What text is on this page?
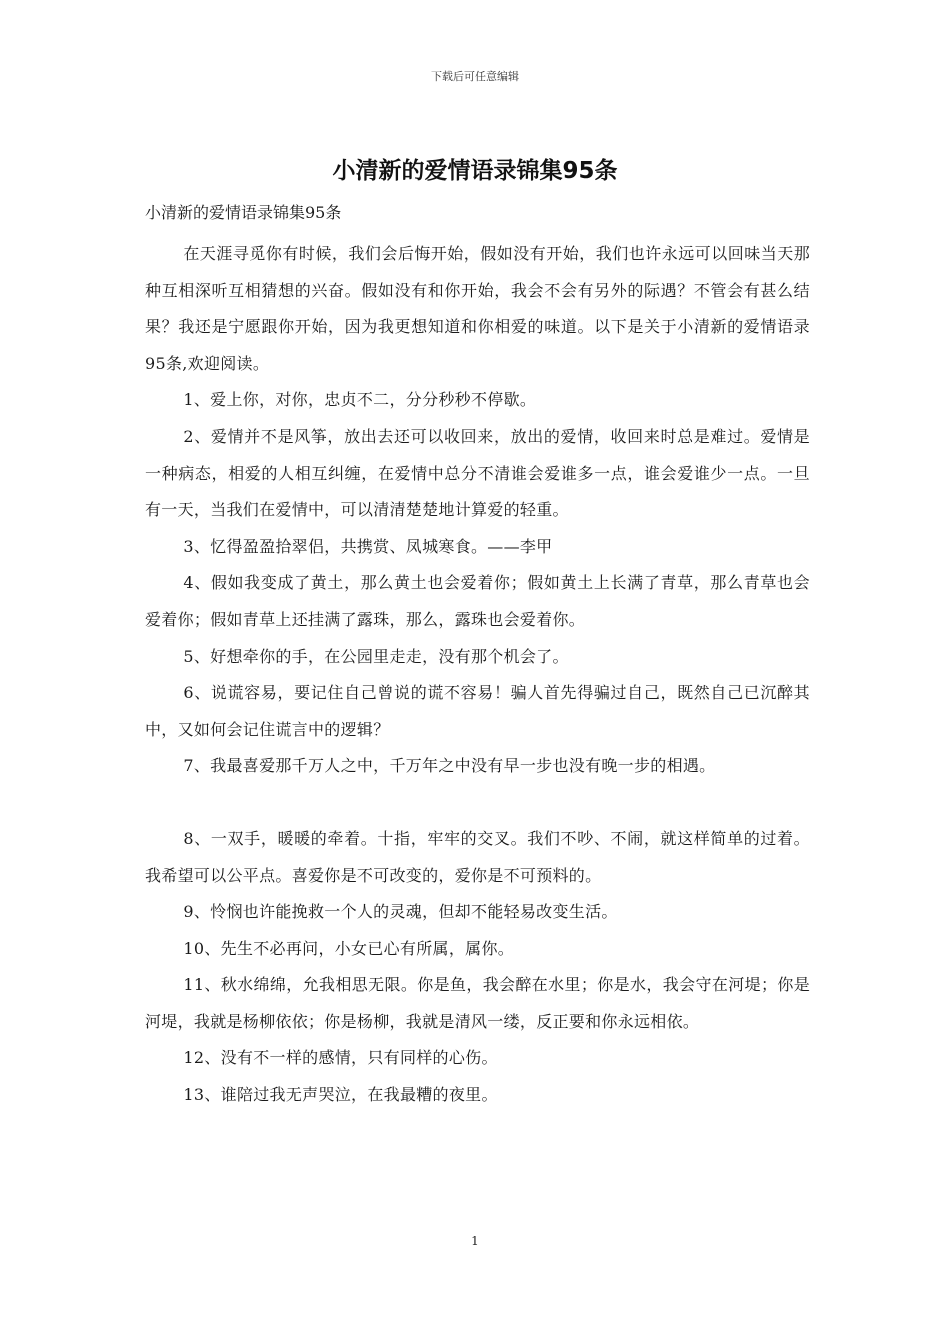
下载后可任意编辑
小清新的爱情语录锦集95条

小清新的爱情语录锦集95条

在天涯寻觅你有时候，我们会后悔开始，假如没有开始，我们也许永远可以回味当天那种互相深听互相猜想的兴奋。假如没有和你开始，我会不会有另外的际遇？不管会有甚么结果？我还是宁愿跟你开始，因为我更想知道和你相爱的味道。以下是关于小清新的爱情语录95条,欢迎阅读。

1、爱上你，对你，忠贞不二，分分秒秒不停歇。

2、爱情并不是风筝，放出去还可以收回来，放出的爱情，收回来时总是难过。爱情是一种病态，相爱的人相互纠缠，在爱情中总分不清谁会爱谁多一点，谁会爱谁少一点。一旦有一天，当我们在爱情中，可以清清楚楚地计算爱的轻重。

3、忆得盈盈拾翠侣，共携赏、凤城寒食。——李甲

4、假如我变成了黄土，那么黄土也会爱着你；假如黄土上长满了青草，那么青草也会爱着你；假如青草上还挂满了露珠，那么，露珠也会爱着你。

5、好想牵你的手，在公园里走走，没有那个机会了。

6、说谎容易，要记住自己曾说的谎不容易！骗人首先得骗过自己，既然自己已沉醉其中，又如何会记住谎言中的逻辑？

7、我最喜爱那千万人之中，千万年之中没有早一步也没有晚一步的相遇。

8、一双手，暖暖的牵着。十指，牢牢的交叉。我们不吵、不闹，就这样简单的过着。我希望可以公平点。喜爱你是不可改变的，爱你是不可预料的。

9、怜悯也许能挽救一个人的灵魂，但却不能轻易改变生活。

10、先生不必再问，小女已心有所属，属你。

11、秋水绵绵，允我相思无限。你是鱼，我会醉在水里；你是水，我会守在河堤；你是河堤，我就是杨柳依依；你是杨柳，我就是清风一缕，反正要和你永远相依。

12、没有不一样的感情，只有同样的心伤。

13、谁陪过我无声哭泣，在我最糟的夜里。

1
